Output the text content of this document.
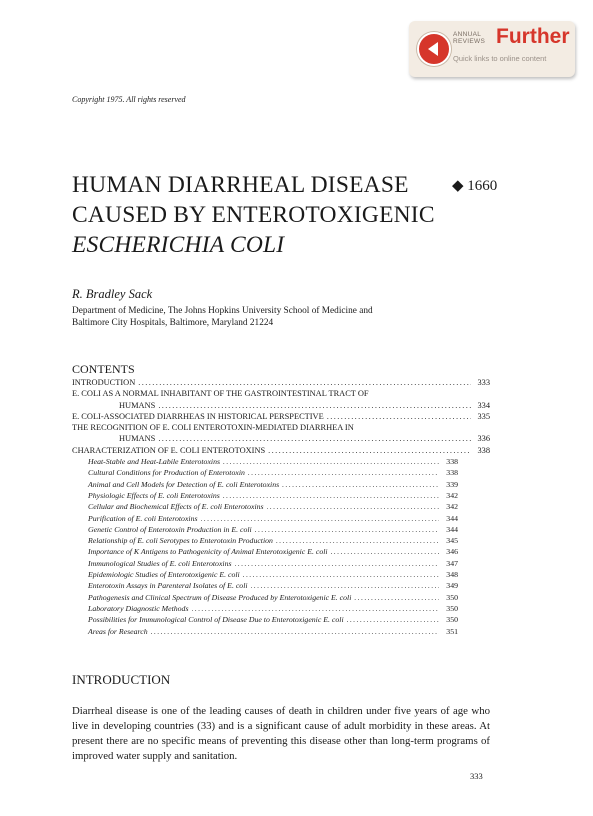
ANNUAL
REVIEWS Further
Quick links to online content
Copyright 1975. All rights reserved
HUMAN DIARRHEAL DISEASE
CAUSED BY ENTEROTOXIGENIC
ESCHERICHIA COLI
◆ 1660
R. Bradley Sack
Department of Medicine, The Johns Hopkins University School of Medicine and
Baltimore City Hospitals, Baltimore, Maryland 21224
CONTENTS
INTRODUCTION .....	333
E. COLI AS A NORMAL INHABITANT OF THE GASTROINTESTINAL TRACT OF
HUMANS .....	334
E. COLI-ASSOCIATED DIARRHEAS IN HISTORICAL PERSPECTIVE .....	335
THE RECOGNITION OF E. COLI ENTEROTOXIN-MEDIATED DIARRHEA IN
HUMANS .....	336
CHARACTERIZATION OF E. COLI ENTEROTOXINS .....	338
Heat-Stable and Heat-Labile Enterotoxins .....	338
Cultural Conditions for Production of Enterotoxin .....	338
Animal and Cell Models for Detection of E. coli Enterotoxins .....	339
Physiologic Effects of E. coli Enterotoxins .....	342
Cellular and Biochemical Effects of E. coli Enterotoxins .....	342
Purification of E. coli Enterotoxins .....	344
Genetic Control of Enterotoxin Production in E. coli .....	344
Relationship of E. coli Serotypes to Enterotoxin Production .....	345
Importance of K Antigens to Pathogenicity of Animal Enterotoxigenic E. coli .....	346
Immunological Studies of E. coli Enterotoxins .....	347
Epidemiologic Studies of Enterotoxigenic E. coli .....	348
Enterotoxin Assays in Parenteral Isolates of E. coli .....	349
Pathogenesis and Clinical Spectrum of Disease Produced by Enterotoxigenic E. coli .....	350
Laboratory Diagnostic Methods .....	350
Possibilities for Immunological Control of Disease Due to Enterotoxigenic E. coli .....	350
Areas for Research .....	351
INTRODUCTION
Diarrheal disease is one of the leading causes of death in children under five years of age who live in developing countries (33) and is a significant cause of adult morbidity in these areas. At present there are no specific means of preventing this disease other than long-term programs of improved water supply and sanitation.
333
